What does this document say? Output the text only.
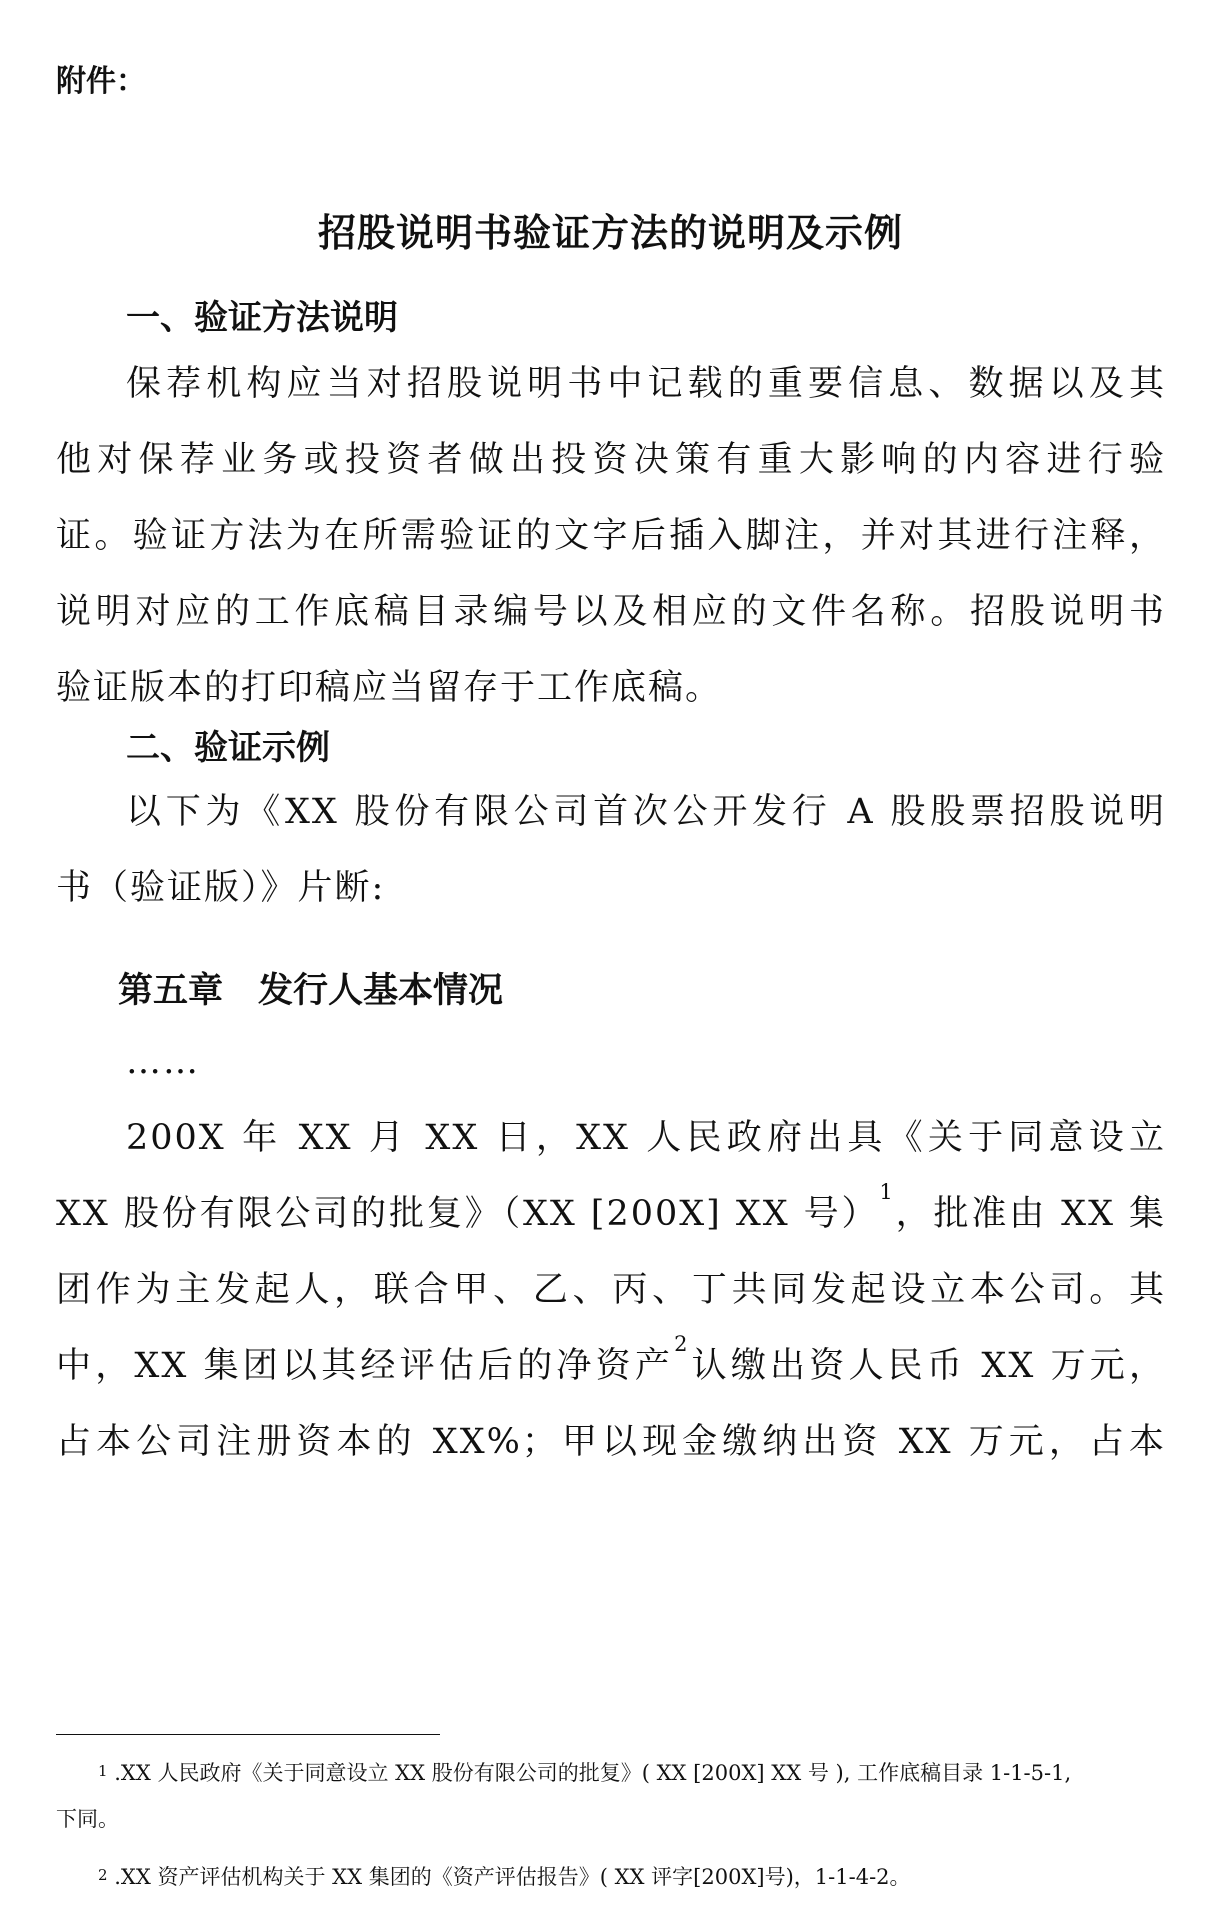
附件：
招股说明书验证方法的说明及示例
一、验证方法说明
保荐机构应当对招股说明书中记载的重要信息、数据以及其
他对保荐业务或投资者做出投资决策有重大影响的内容进行验
证。验证方法为在所需验证的文字后插入脚注，并对其进行注释，
说明对应的工作底稿目录编号以及相应的文件名称。招股说明书
验证版本的打印稿应当留存于工作底稿。
二、验证示例
以下为《XX 股份有限公司首次公开发行 A 股股票招股说明
书（验证版）》片断:
第五章　发行人基本情况
……
200X 年 XX 月 XX 日，XX 人民政府出具《关于同意设立
XX 股份有限公司的批复》（XX [200X] XX 号）$^1$，批准由 XX 集
团作为主发起人，联合甲、乙、丙、丁共同发起设立本公司。其
中，XX 集团以其经评估后的净资产$^2$认缴出资人民币 XX 万元，
占本公司注册资本的 XX%；甲以现金缴纳出资 XX 万元，占本
1 .XX 人民政府《关于同意设立 XX 股份有限公司的批复》( XX [200X] XX 号 ), 工作底稿目录 1-1-5-1,
下同。
2 .XX 资产评估机构关于 XX 集团的《资产评估报告》( XX 评字[200X]号)，1-1-4-2。
